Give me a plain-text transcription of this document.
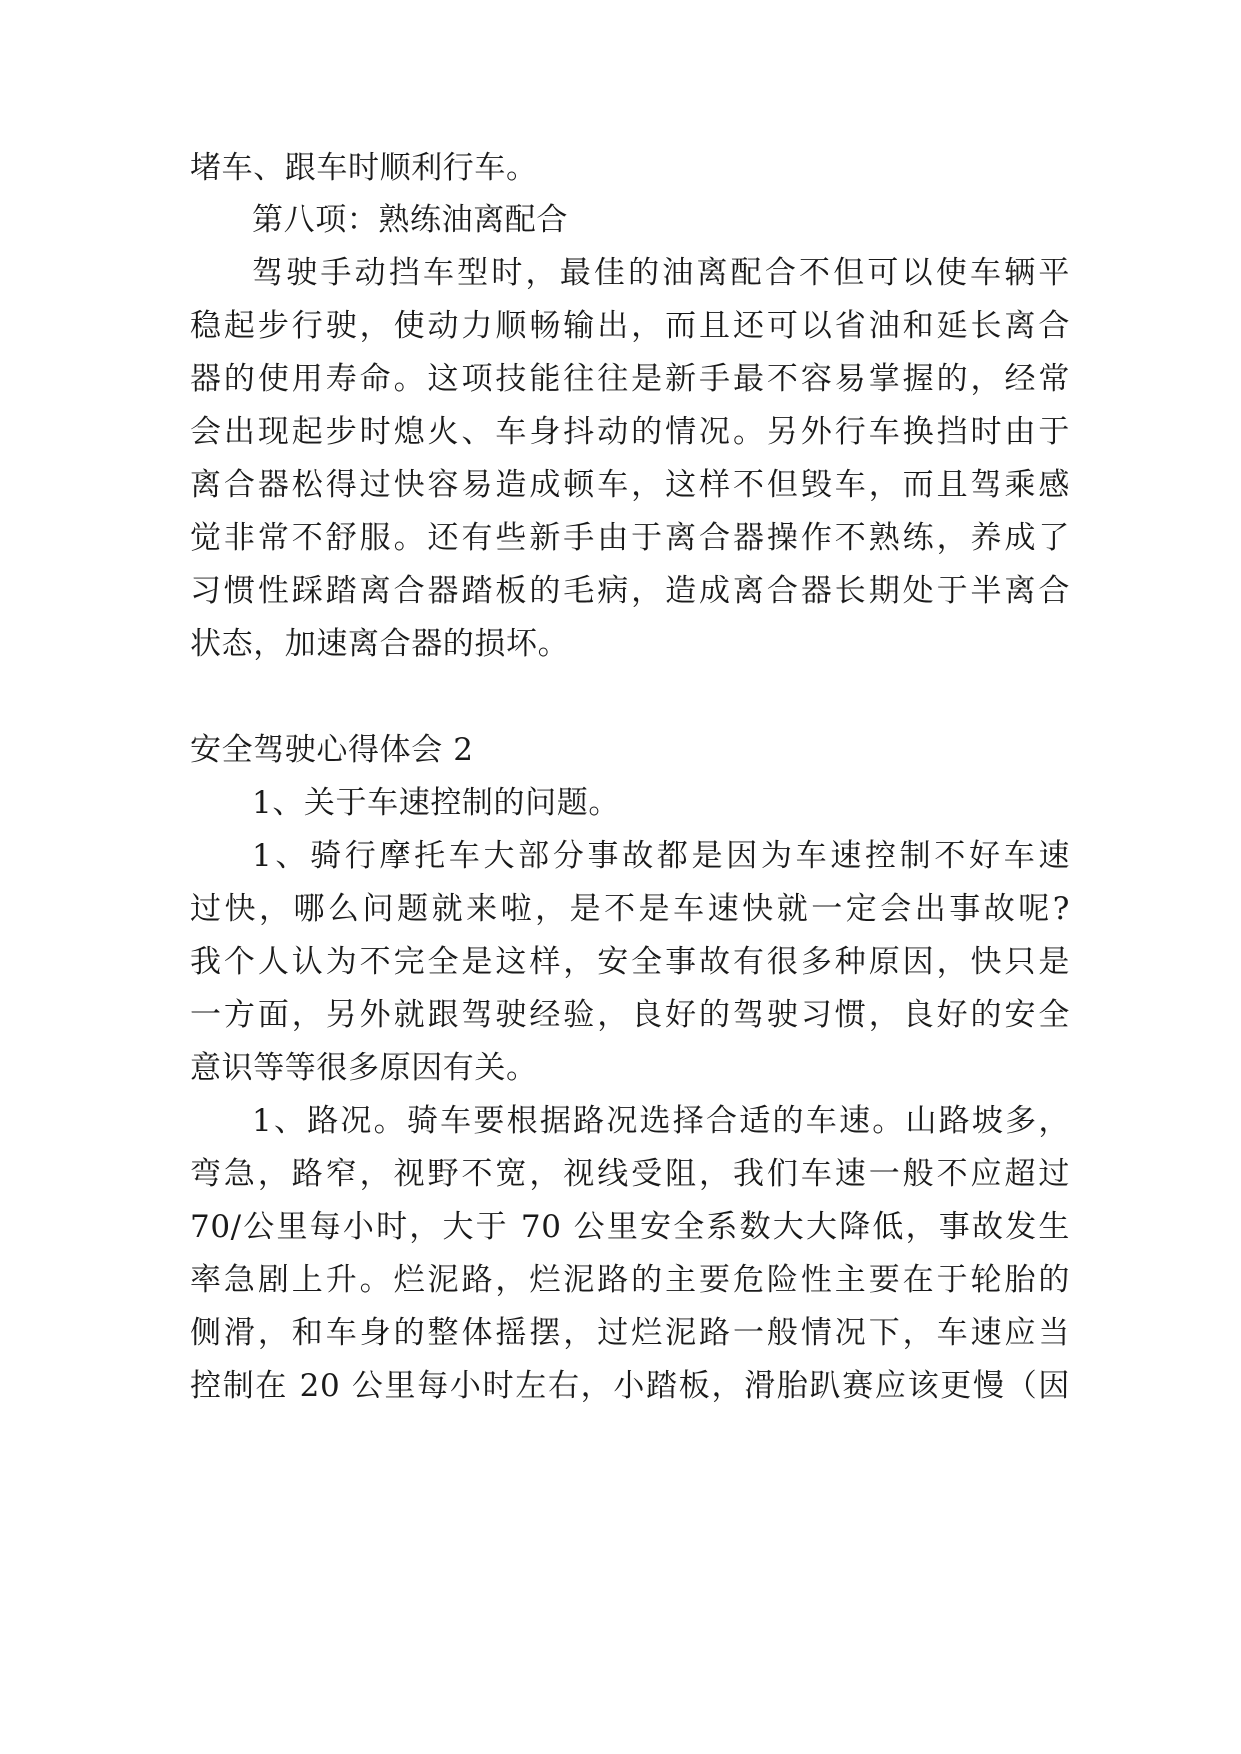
堵车、跟车时顺利行车。
第八项：熟练油离配合
驾驶手动挡车型时，最佳的油离配合不但可以使车辆平
稳起步行驶，使动力顺畅输出，而且还可以省油和延长离合
器的使用寿命。这项技能往往是新手最不容易掌握的，经常
会出现起步时熄火、车身抖动的情况。另外行车换挡时由于
离合器松得过快容易造成顿车，这样不但毁车，而且驾乘感
觉非常不舒服。还有些新手由于离合器操作不熟练，养成了
习惯性踩踏离合器踏板的毛病，造成离合器长期处于半离合
状态，加速离合器的损坏。
安全驾驶心得体会 2
1、关于车速控制的问题。
1、骑行摩托车大部分事故都是因为车速控制不好车速
过快，哪么问题就来啦，是不是车速快就一定会出事故呢?
我个人认为不完全是这样，安全事故有很多种原因，快只是
一方面，另外就跟驾驶经验，良好的驾驶习惯，良好的安全
意识等等很多原因有关。
1、路况。骑车要根据路况选择合适的车速。山路坡多，
弯急，路窄，视野不宽，视线受阻，我们车速一般不应超过
70/公里每小时，大于 70 公里安全系数大大降低，事故发生
率急剧上升。烂泥路，烂泥路的主要危险性主要在于轮胎的
侧滑，和车身的整体摇摆，过烂泥路一般情况下，车速应当
控制在 20 公里每小时左右，小踏板，滑胎趴赛应该更慢（因
